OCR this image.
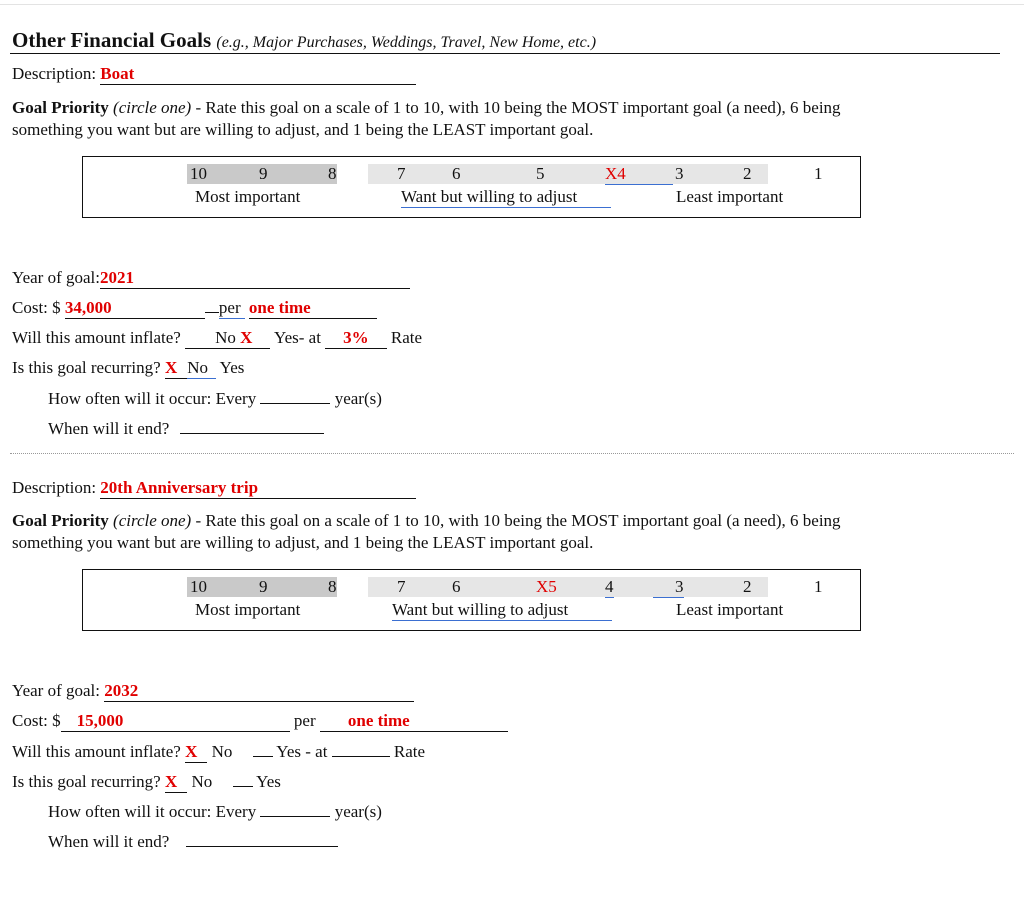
Other Financial Goals (e.g., Major Purchases, Weddings, Travel, New Home, etc.)
Description: Boat
Goal Priority (circle one) - Rate this goal on a scale of 1 to 10, with 10 being the MOST important goal (a need), 6 being
something you want but are willing to adjust, and 1 being the LEAST important goal.
10	9	8	7	6	5	X4	3	2	1
Most important	Want but willing to adjust	Least important
Year of goal:2021
Cost: $ 34,000	per one time
Will this amount inflate? No X Yes- at 3% Rate
Is this goal recurring? X No Yes
How often will it occur: Every	year(s)
When will it end?
Description: 20th Anniversary trip
Goal Priority (circle one) - Rate this goal on a scale of 1 to 10, with 10 being the MOST important goal (a need), 6 being
something you want but are willing to adjust, and 1 being the LEAST important goal.
10	9	8	7	6	X5	4	3	2	1
Most important	Want but willing to adjust	Least important
Year of goal: 2032
Cost: $ 15,000	per one time
Will this amount inflate? X No	Yes - at	Rate
Is this goal recurring? X No	Yes
How often will it occur: Every	year(s)
When will it end?
